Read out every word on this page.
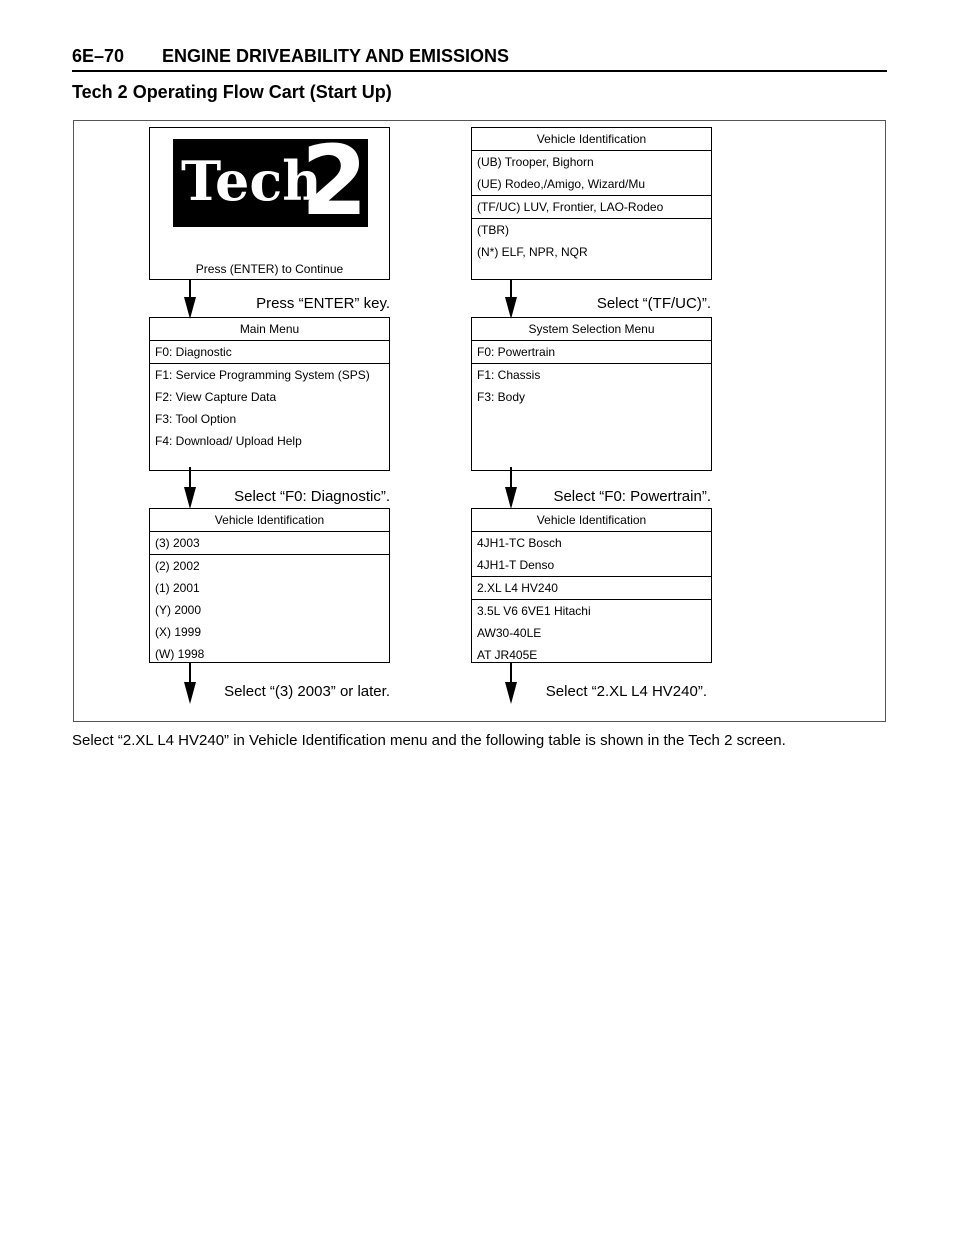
6E–70 ENGINE DRIVEABILITY AND EMISSIONS
Tech 2 Operating Flow Cart (Start Up)
Tech
2
Press (ENTER) to Continue
Vehicle Identification
(UB) Trooper, Bighorn
(UE) Rodeo,/Amigo, Wizard/Mu
(TF/UC) LUV, Frontier, LAO-Rodeo
(TBR)
(N*) ELF, NPR, NQR
Main Menu
F0: Diagnostic
F1: Service Programming System (SPS)
F2: View Capture Data
F3: Tool Option
F4: Download/ Upload Help
System Selection Menu
F0: Powertrain
F1: Chassis
F3: Body
Vehicle Identification
(3) 2003
(2) 2002
(1) 2001
(Y) 2000
(X) 1999
(W) 1998
Vehicle Identification
4JH1-TC Bosch
4JH1-T Denso
2.XL L4 HV240
3.5L V6 6VE1 Hitachi
AW30-40LE
AT JR405E
Press “ENTER” key.	Select “(TF/UC)”.
Select “F0: Diagnostic”.	Select “F0: Powertrain”.
Select “(3) 2003” or later.	Select “2.XL L4 HV240”.
Select “2.XL L4 HV240” in Vehicle Identification menu and the following table is shown in the Tech 2 screen.
